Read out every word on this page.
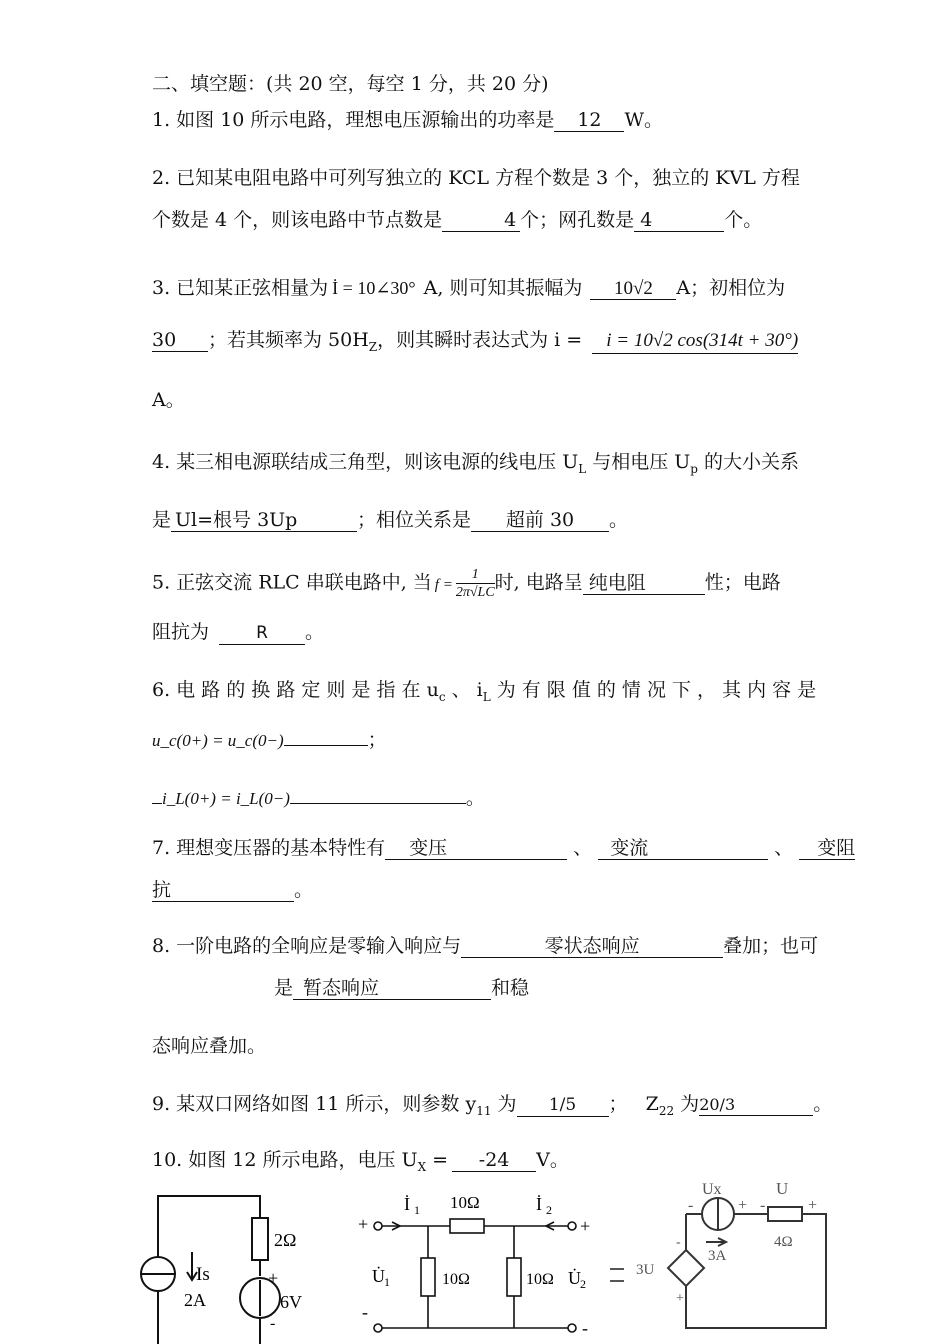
二、填空题：(共 20 空，每空 1 分，共 20 分)
1. 如图 10 所示电路，理想电压源输出的功率是 12 W。
2. 已知某电阻电路中可列写独立的 KCL 方程个数是 3 个，独立的 KVL 方程
个数是 4 个，则该电路中节点数是	4 个；网孔数是 4	个。
3. 已知某正弦相量为 İ = 10∠30° A, 则可知其振幅为 10√2 A；初相位为
30 ；若其频率为 $50H_Z$，则其瞬时表达式为 i = i = 10√2 cos(314t + 30°)
A。
4. 某三相电源联结成三角型，则该电源的线电压 $U_L$ 与相电压 $U_p$ 的大小关系
是 Ul=根号 3Up	；相位关系是 超前 30 。
5. 正弦交流 RLC 串联电路中, 当 $f = \frac{1}{2\pi√LC}$ 时, 电路呈 纯电阻	性；电路
阻抗为	R 。
6. 电 路 的 换 路 定 则 是 指 在 $u_c$ 、 $i_L$ 为 有 限 值 的 情 况 下 ， 其 内 容 是
u_c(0+) = u_c(0−)	；
i_L(0+) = i_L(0−)	。
7. 理想变压器的基本特性有 变压	、 变流	、 变阻
抗	。
8. 一阶电路的全响应是零输入响应与	零状态响应	叠加；也可
是 暂态响应	和稳
态响应叠加。
9. 某双口网络如图 11 所示，则参数 $y_{11}$ 为 1/5 ；   $Z_{22}$ 为20/3	。
10. 如图 12 所示电路，电压 $U_X = -24$ V。
2Ω
Is
2A
+
6V
-
İ 1 10Ω	İ 2
+	+
U̇ 1	10Ω	10Ω U̇ 2
-
-
Ux	U
-	+ -	+
3A
4Ω
3U
-
+
